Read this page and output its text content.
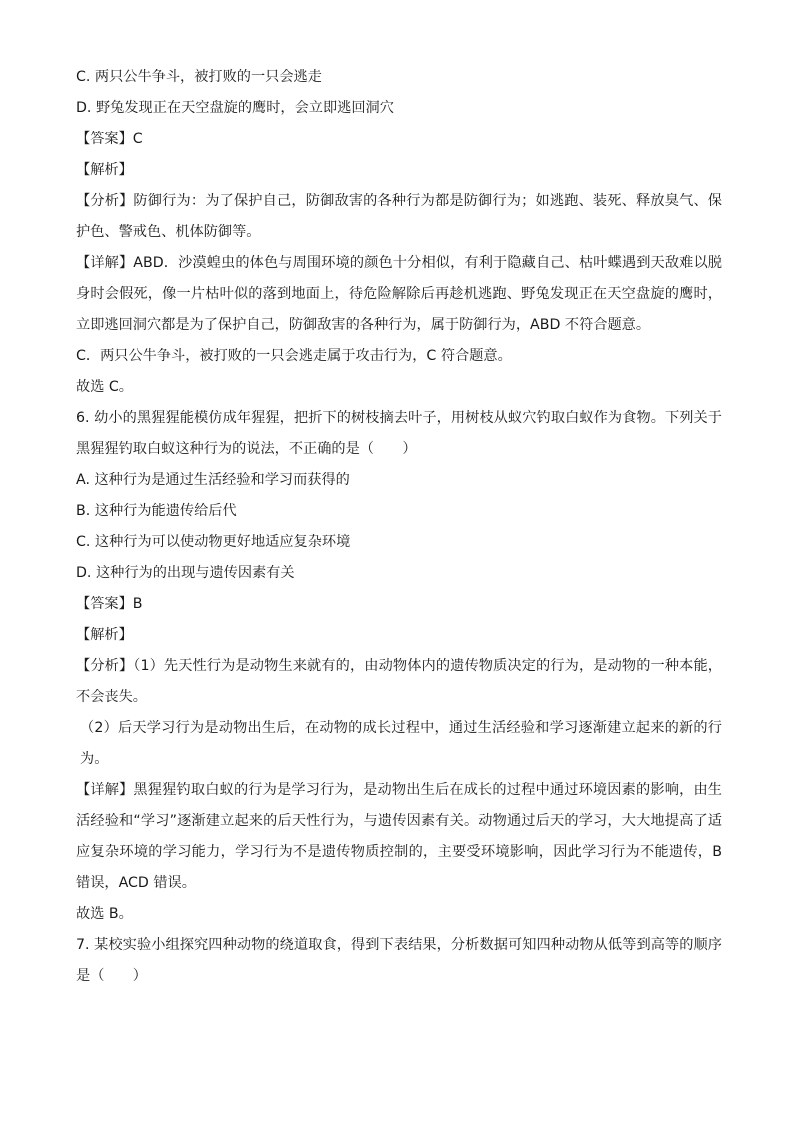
C. 两只公牛争斗，被打败的一只会逃走
D. 野兔发现正在天空盘旋的鹰时，会立即逃回洞穴
【答案】C
【解析】
【分析】防御行为：为了保护自己，防御敌害的各种行为都是防御行为；如逃跑、装死、释放臭气、保护色、警戒色、机体防御等。
【详解】ABD．沙漠蝗虫的体色与周围环境的颜色十分相似，有利于隐藏自己、枯叶蝶遇到天敌难以脱身时会假死，像一片枯叶似的落到地面上，待危险解除后再趁机逃跑、野兔发现正在天空盘旋的鹰时，立即逃回洞穴都是为了保护自己，防御敌害的各种行为，属于防御行为，ABD 不符合题意。
C．两只公牛争斗，被打败的一只会逃走属于攻击行为，C 符合题意。
故选 C。
6. 幼小的黑猩猩能模仿成年猩猩，把折下的树枝摘去叶子，用树枝从蚁穴钓取白蚁作为食物。下列关于黑猩猩钓取白蚁这种行为的说法，不正确的是（　　）
A. 这种行为是通过生活经验和学习而获得的
B. 这种行为能遗传给后代
C. 这种行为可以使动物更好地适应复杂环境
D. 这种行为的出现与遗传因素有关
【答案】B
【解析】
【分析】（1）先天性行为是动物生来就有的，由动物体内的遗传物质决定的行为，是动物的一种本能，不会丧失。
（2）后天学习行为是动物出生后，在动物的成长过程中，通过生活经验和学习逐渐建立起来的新的行为。
【详解】黑猩猩钓取白蚁的行为是学习行为，是动物出生后在成长的过程中通过环境因素的影响，由生活经验和“学习”逐渐建立起来的后天性行为，与遗传因素有关。动物通过后天的学习，大大地提高了适应复杂环境的学习能力，学习行为不是遗传物质控制的，主要受环境影响，因此学习行为不能遗传，B 错误，ACD 错误。
故选 B。
7. 某校实验小组探究四种动物的绕道取食，得到下表结果，分析数据可知四种动物从低等到高等的顺序是（　　）
